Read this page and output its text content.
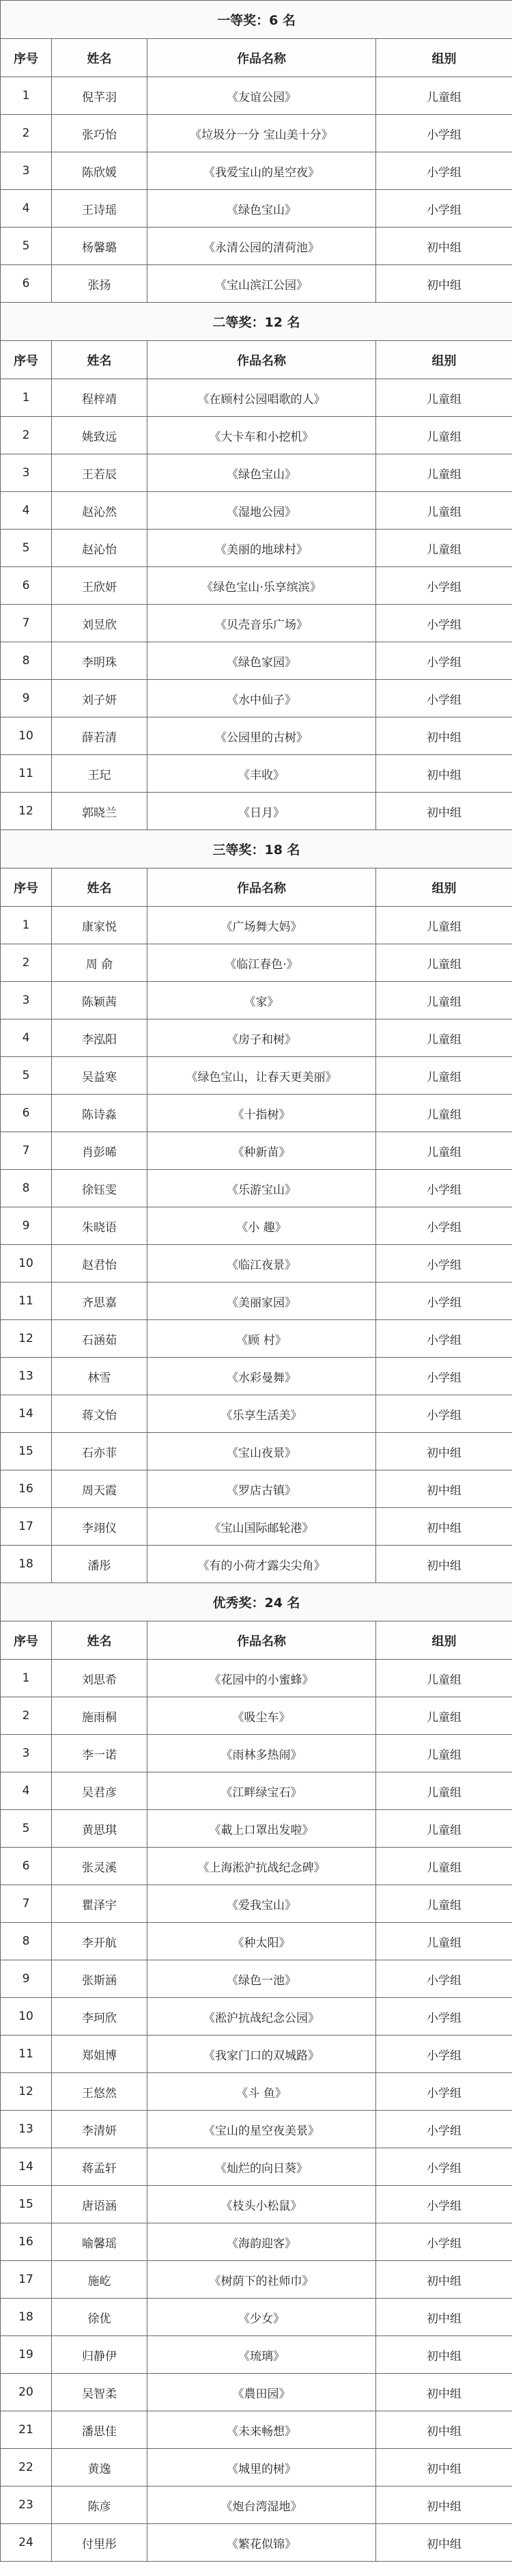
一等奖：6 名			
序号	姓名	作品名称	组别
1	倪芊羽	《友谊公园》	儿童组
2	张巧怡	《垃圾分一分 宝山美十分》	小学组
3	陈欣媛	《我爱宝山的星空夜》	小学组
4	王诗瑶	《绿色宝山》	小学组
5	杨馨璐	《永清公园的清荷池》	初中组
6	张扬	《宝山滨江公园》	初中组
二等奖：12 名			
序号	姓名	作品名称	组别
1	程梓靖	《在顾村公园唱歌的人》	儿童组
2	姚致远	《大卡车和小挖机》	儿童组
3	王若辰	《绿色宝山》	儿童组
4	赵沁然	《湿地公园》	儿童组
5	赵沁怡	《美丽的地球村》	儿童组
6	王欣妍	《绿色宝山·乐享缤滨》	小学组
7	刘昱欣	《贝壳音乐广场》	小学组
8	李明珠	《绿色家园》	小学组
9	刘子妍	《水中仙子》	小学组
10	薛若清	《公园里的古树》	初中组
11	王玘	《丰收》	初中组
12	郭晓兰	《日月》	初中组
三等奖：18 名			
序号	姓名	作品名称	组别
1	康家悦	《广场舞大妈》	儿童组
2	周 俞	《临江春色·》	儿童组
3	陈颖茜	《家》	儿童组
4	李泓阳	《房子和树》	儿童组
5	吴益寒	《绿色宝山，让春天更美丽》	儿童组
6	陈诗淼	《十指树》	儿童组
7	肖彭晞	《种新苗》	儿童组
8	徐钰雯	《乐游宝山》	小学组
9	朱晓语	《小 趣》	小学组
10	赵君怡	《临江夜景》	小学组
11	齐思嘉	《美丽家园》	小学组
12	石涵茹	《顾 村》	小学组
13	林雪	《水彩曼舞》	小学组
14	蒋文怡	《乐享生活美》	小学组
15	石亦菲	《宝山夜景》	初中组
16	周天霞	《罗店古镇》	初中组
17	李翊仪	《宝山国际邮轮港》	初中组
18	潘彤	《有的小荷才露尖尖角》	初中组
优秀奖：24 名			
序号	姓名	作品名称	组别
1	刘思希	《花园中的小蜜蜂》	儿童组
2	施雨桐	《吸尘车》	儿童组
3	李一诺	《雨林多热闹》	儿童组
4	吴君彦	《江畔绿宝石》	儿童组
5	黄思琪	《載上口罩出发啦》	儿童组
6	张灵溪	《上海淞沪抗战纪念碑》	儿童组
7	瞿泽宇	《爱我宝山》	儿童组
8	李开航	《种太阳》	儿童组
9	张斯涵	《绿色一池》	小学组
10	李珂欣	《淞沪抗战纪念公园》	小学组
11	郑姐博	《我家门口的双城路》	小学组
12	王悠然	《斗 鱼》	小学组
13	李清妍	《宝山的星空夜美景》	小学组
14	蒋孟轩	《灿烂的向日葵》	小学组
15	唐语涵	《枝头小松鼠》	小学组
16	喻馨瑶	《海韵迎客》	小学组
17	施屹	《树荫下的社师巾》	初中组
18	徐优	《少女》	初中组
19	归静伊	《琉璃》	初中组
20	吴智柔	《農田园》	初中组
21	潘思佳	《未来畅想》	初中组
22	黄逸	《城里的树》	初中组
23	陈彦	《炮台湾湿地》	初中组
24	付里彤	《繁花似锦》	初中组
